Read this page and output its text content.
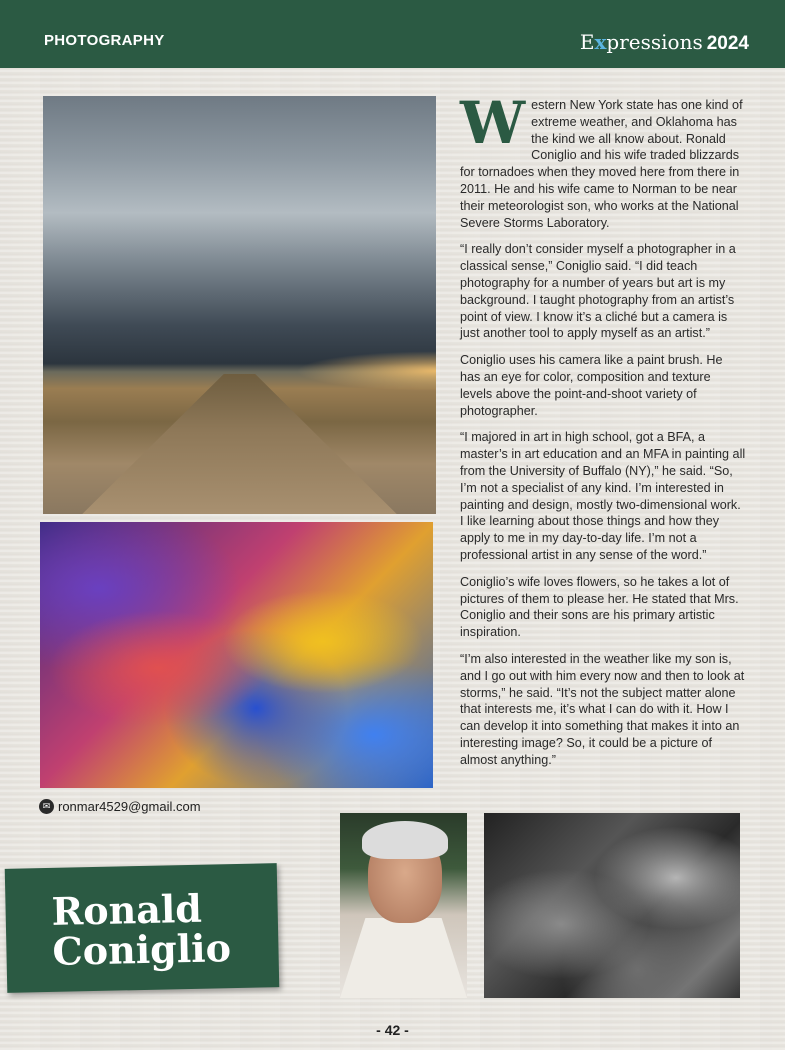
PHOTOGRAPHY	Expressions 2024

Western New York state has one kind of extreme weather, and Oklahoma has the kind we all know about. Ronald Coniglio and his wife traded blizzards for tornadoes when they moved here from there in 2011. He and his wife came to Norman to be near their meteorologist son, who works at the National Severe Storms Laboratory.

“I really don’t consider myself a photographer in a classical sense,” Coniglio said. “I did teach photography for a number of years but art is my background. I taught photography from an artist’s point of view. I know it’s a cliché but a camera is just another tool to apply myself as an artist.”

Coniglio uses his camera like a paint brush. He has an eye for color, composition and texture levels above the point-and-shoot variety of photographer.

“I majored in art in high school, got a BFA, a master’s in art education and an MFA in painting all from the University of Buffalo (NY),” he said. “So, I’m not a specialist of any kind. I’m interested in painting and design, mostly two-dimensional work. I like learning about those things and how they apply to me in my day-to-day life. I’m not a professional artist in any sense of the word.”

Coniglio’s wife loves flowers, so he takes a lot of pictures of them to please her. He stated that Mrs. Coniglio and their sons are his primary artistic inspiration.

“I’m also interested in the weather like my son is, and I go out with him every now and then to look at storms,” he said. “It’s not the subject matter alone that interests me, it’s what I can do with it. How I can develop it into something that makes it into an interesting image? So, it could be a picture of almost anything.”

✉ ronmar4529@gmail.com
Ronald
Coniglio
- 42 -
